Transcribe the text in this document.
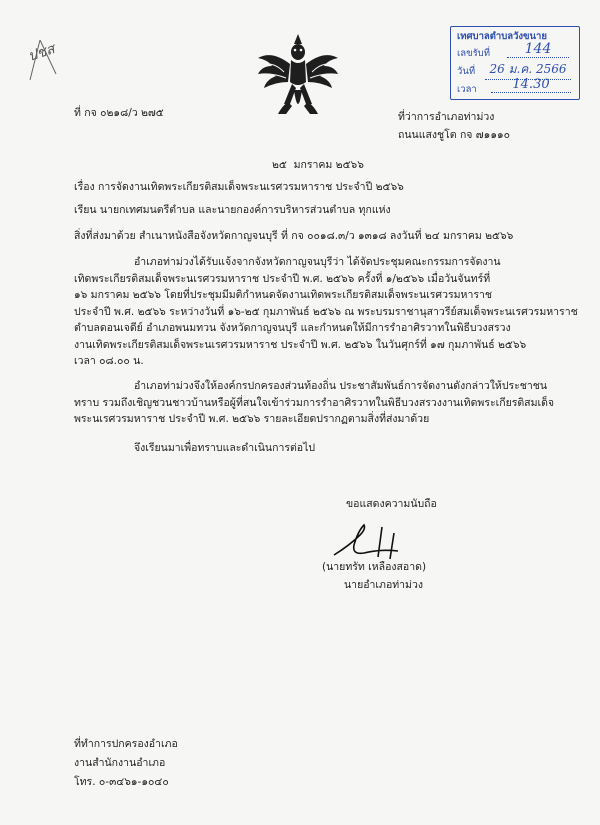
ปชส
เทศบาลตำบลวังขนาย
เลขรับที่	144
วันที่	26 ม.ค. 2566
เวลา	14.30
ที่ กจ ๐๒๑๘/ว ๒๗๕	ที่ว่าการอำเภอท่าม่วง
ถนนแสงชูโต กจ ๗๑๑๑๐
๒๕ มกราคม ๒๕๖๖
เรื่อง การจัดงานเทิดพระเกียรติสมเด็จพระนเรศวรมหาราช ประจำปี ๒๕๖๖
เรียน นายกเทศมนตรีตำบล และนายกองค์การบริหารส่วนตำบล ทุกแห่ง
สิ่งที่ส่งมาด้วย สำเนาหนังสือจังหวัดกาญจนบุรี ที่ กจ ๐๐๑๘.๓/ว ๑๓๑๘ ลงวันที่ ๒๔ มกราคม ๒๕๖๖
อำเภอท่าม่วงได้รับแจ้งจากจังหวัดกาญจนบุรีว่า ได้จัดประชุมคณะกรรมการจัดงาน
เทิดพระเกียรติสมเด็จพระนเรศวรมหาราช ประจำปี พ.ศ. ๒๕๖๖ ครั้งที่ ๑/๒๕๖๖ เมื่อวันจันทร์ที่
๑๖ มกราคม ๒๕๖๖ โดยที่ประชุมมีมติกำหนดจัดงานเทิดพระเกียรติสมเด็จพระนเรศวรมหาราช
ประจำปี พ.ศ. ๒๕๖๖ ระหว่างวันที่ ๑๖-๒๕ กุมภาพันธ์ ๒๕๖๖ ณ พระบรมราชานุสาวรีย์สมเด็จพระนเรศวรมหาราช
ตำบลดอนเจดีย์ อำเภอพนมทวน จังหวัดกาญจนบุรี และกำหนดให้มีการรำอาศิรวาทในพิธีบวงสรวง
งานเทิดพระเกียรติสมเด็จพระนเรศวรมหาราช ประจำปี พ.ศ. ๒๕๖๖ ในวันศุกร์ที่ ๑๗ กุมภาพันธ์ ๒๕๖๖
เวลา ๐๘.๐๐ น.
อำเภอท่าม่วงจึงให้องค์กรปกครองส่วนท้องถิ่น ประชาสัมพันธ์การจัดงานดังกล่าวให้ประชาชน
ทราบ รวมถึงเชิญชวนชาวบ้านหรือผู้ที่สนใจเข้าร่วมการรำอาศิรวาทในพิธีบวงสรวงงานเทิดพระเกียรติสมเด็จ
พระนเรศวรมหาราช ประจำปี พ.ศ. ๒๕๖๖ รายละเอียดปรากฏตามสิ่งที่ส่งมาด้วย
จึงเรียนมาเพื่อทราบและดำเนินการต่อไป
ขอแสดงความนับถือ
(นายทรัท เหลืองสอาด)
นายอำเภอท่าม่วง
ที่ทำการปกครองอำเภอ
งานสำนักงานอำเภอ
โทร. ๐-๓๔๖๑-๑๐๔๐
